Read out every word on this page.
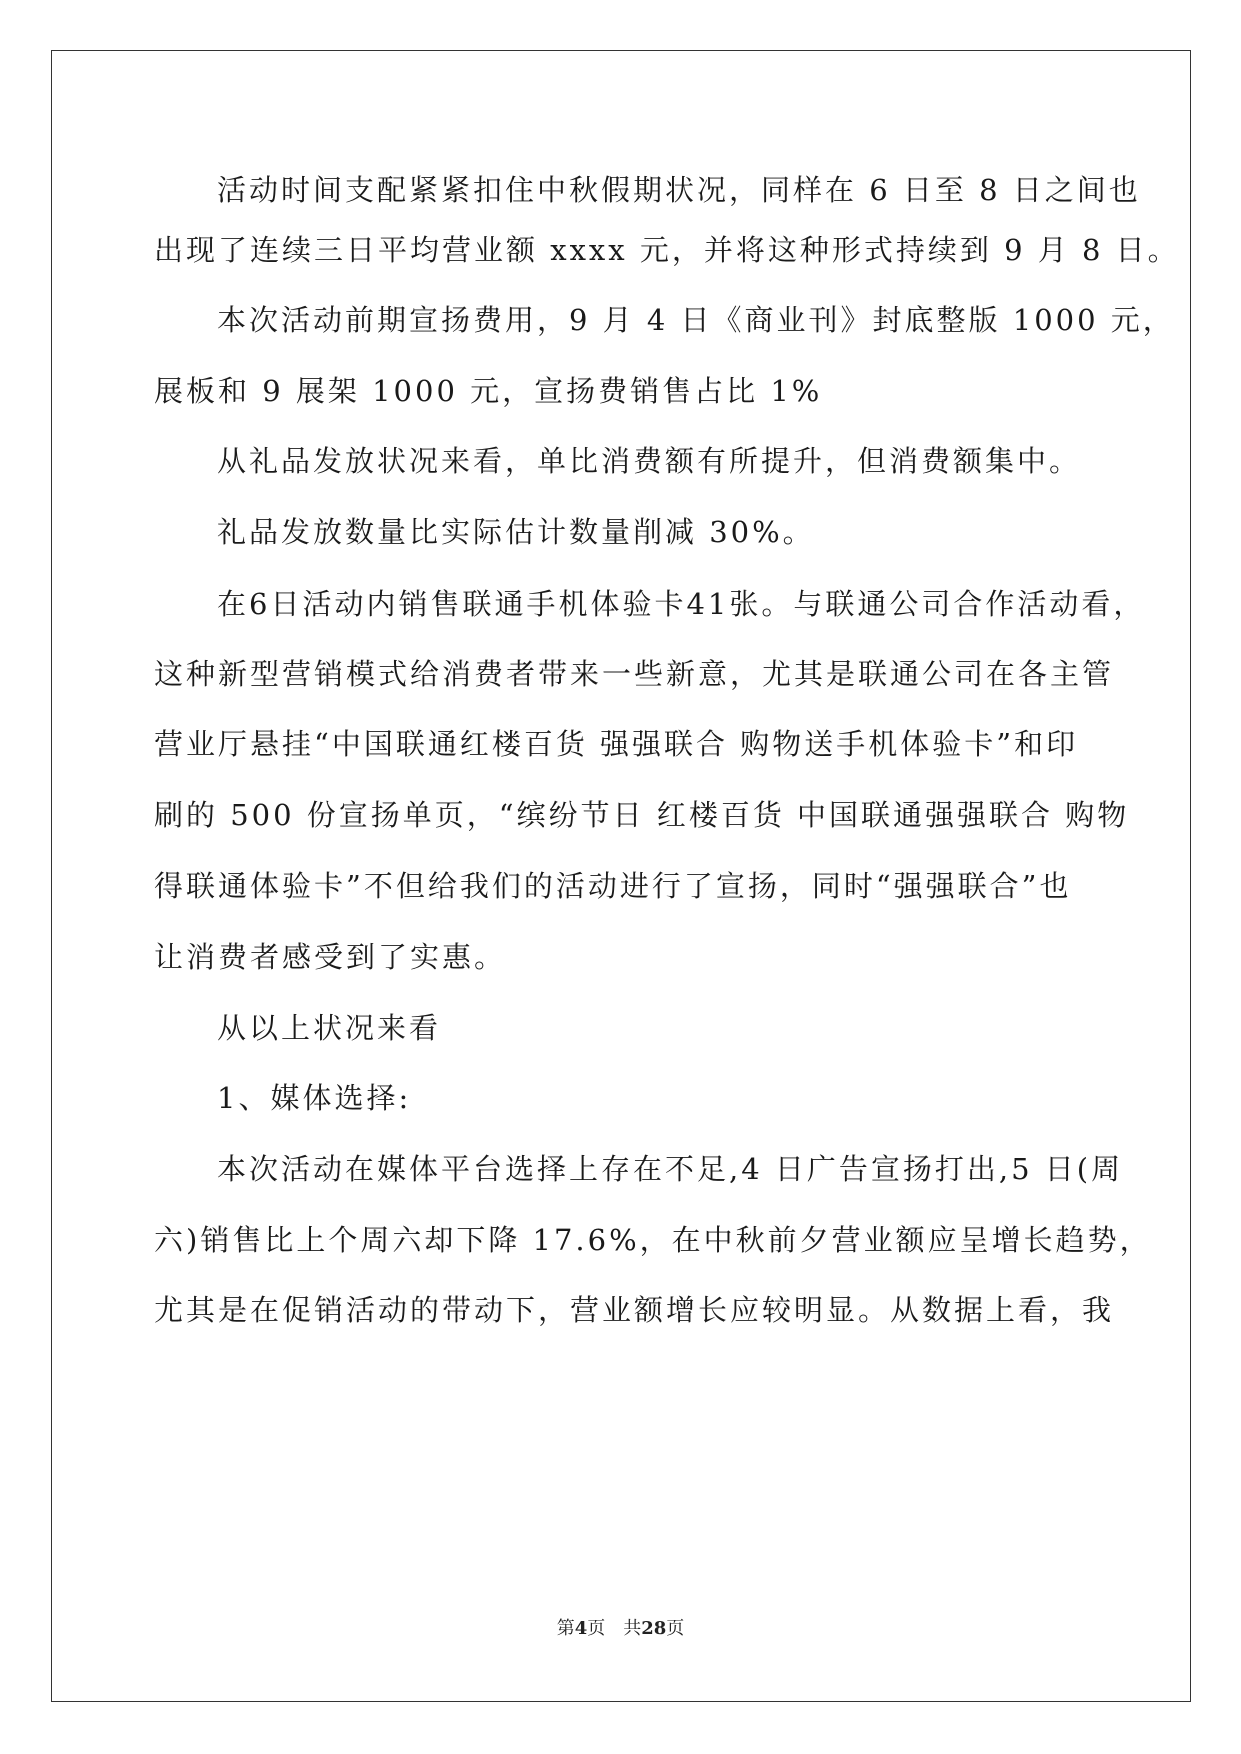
活动时间支配紧紧扣住中秋假期状况，同样在 6 日至 8 日之间也
出现了连续三日平均营业额 xxxx 元，并将这种形式持续到 9 月 8 日。
本次活动前期宣扬费用，9 月 4 日《商业刊》封底整版 1000 元，
展板和 9 展架 1000 元，宣扬费销售占比 1%
从礼品发放状况来看，单比消费额有所提升，但消费额集中。
礼品发放数量比实际估计数量削减 30%。
在6日活动内销售联通手机体验卡41张。与联通公司合作活动看，
这种新型营销模式给消费者带来一些新意，尤其是联通公司在各主管
营业厅悬挂“中国联通红楼百货 强强联合 购物送手机体验卡”和印
刷的 500 份宣扬单页，“缤纷节日 红楼百货 中国联通强强联合 购物
得联通体验卡”不但给我们的活动进行了宣扬，同时“强强联合”也
让消费者感受到了实惠。
从以上状况来看
1、媒体选择:
本次活动在媒体平台选择上存在不足,4 日广告宣扬打出,5 日(周
六)销售比上个周六却下降 17.6%，在中秋前夕营业额应呈增长趋势，
尤其是在促销活动的带动下，营业额增长应较明显。从数据上看，我
第4页　共28页
